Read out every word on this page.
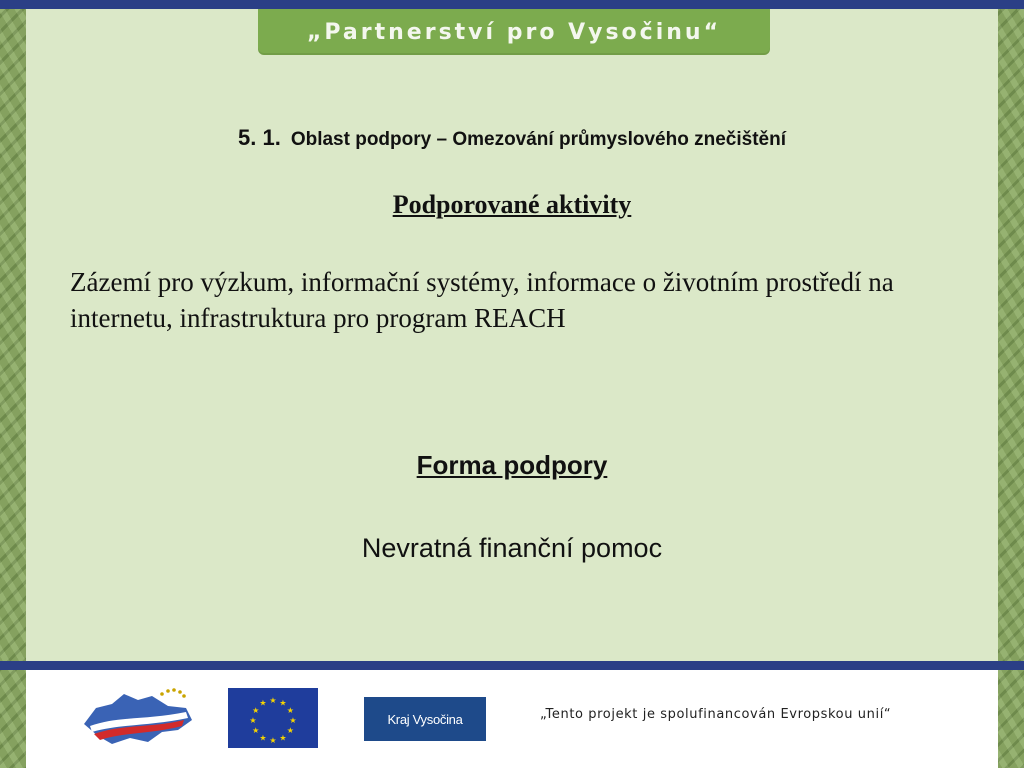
„Partnerství pro Vysočinu“
5. 1. Oblast podpory – Omezování průmyslového znečištění
Podporované aktivity
Zázemí pro výzkum, informační systémy, informace o životním prostředí na internetu, infrastruktura pro program REACH
Forma podpory
Nevratná finanční pomoc
★ ★
★
★
★
★
★
★
★
★
★
★
Kraj Vysočina	„Tento projekt je spolufinancován Evropskou unií“
